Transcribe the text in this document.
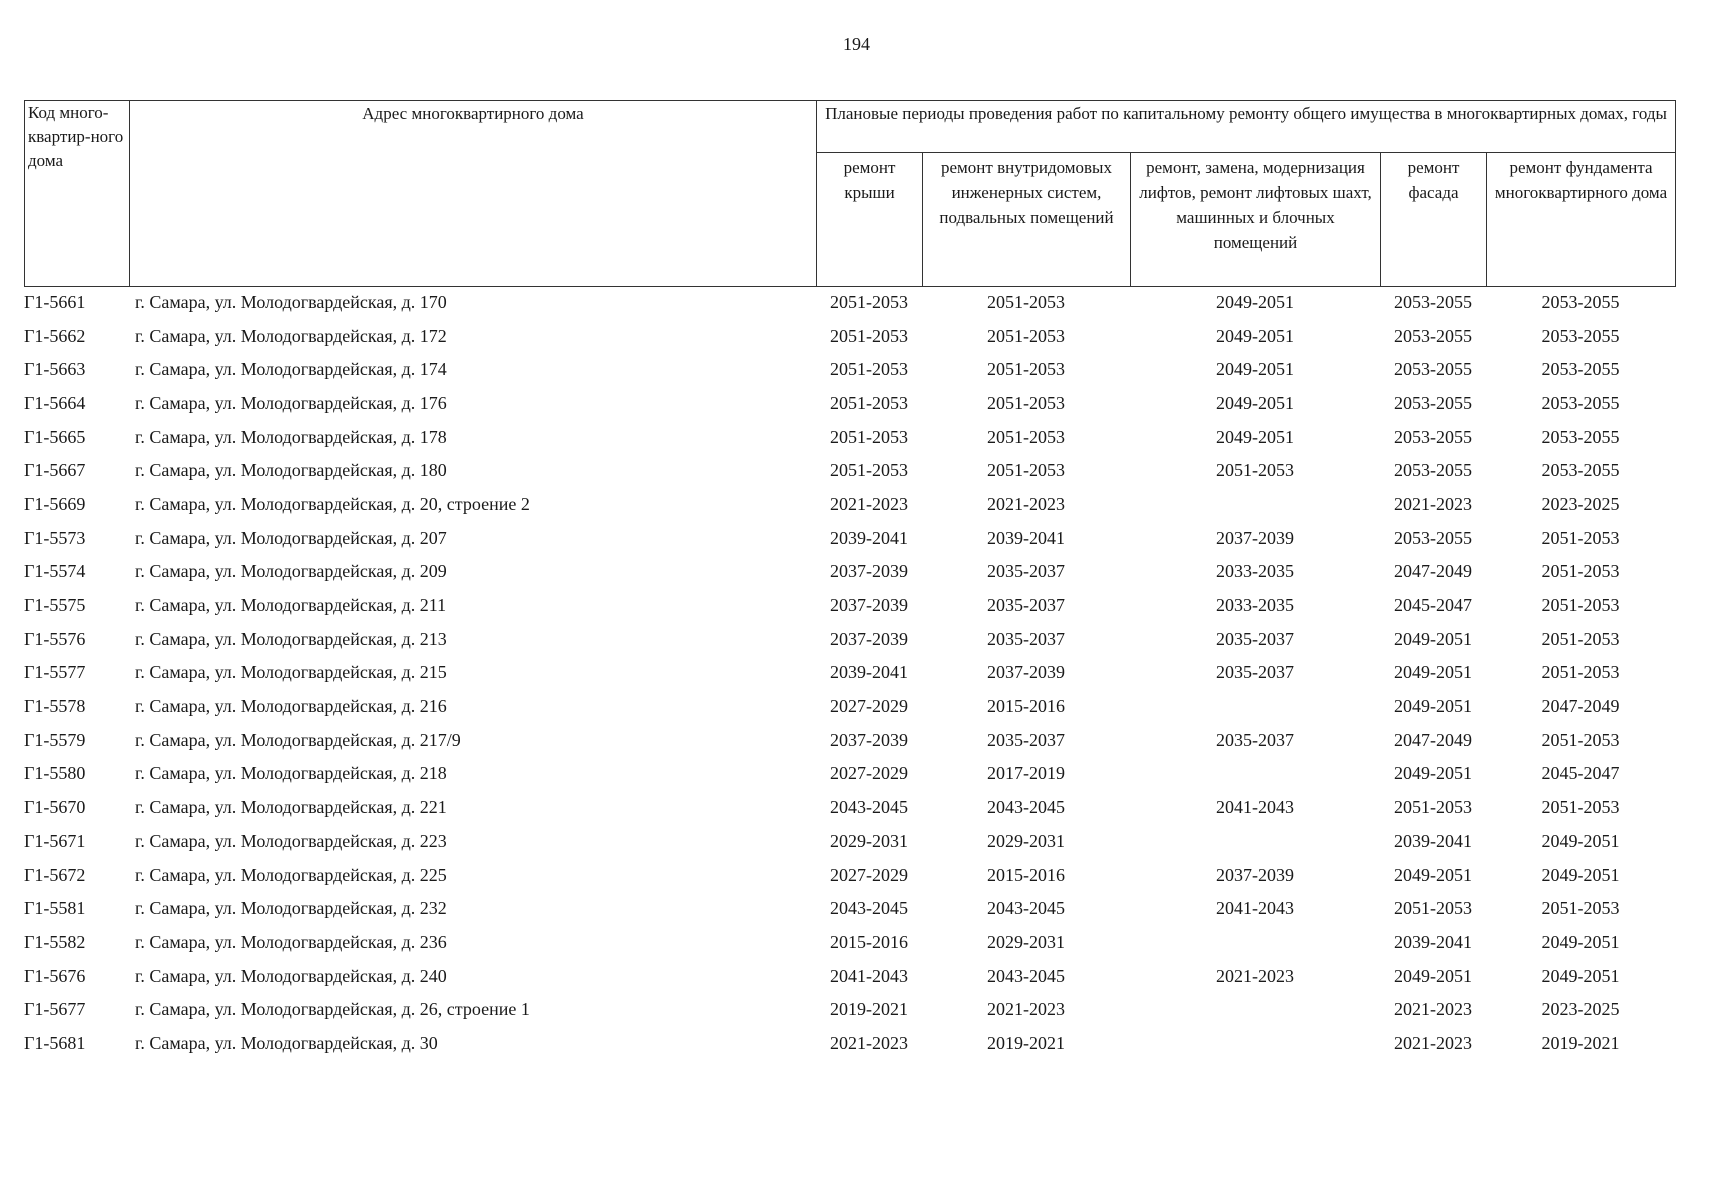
194
Код много-квартир-ного дома	Адрес многоквартирного дома	Плановые периоды проведения работ по капитальному ремонту общего имущества в многоквартирных домах, годы				
		ремонт крыши	ремонт внутридомовых инженерных систем, подвальных помещений	ремонт, замена, модернизация лифтов, ремонт лифтовых шахт, машинных и блочных помещений	ремонт фасада	ремонт фундамента многоквартирного дома
Г1-5661	г. Самара, ул. Молодогвардейская, д. 170	2051-2053	2051-2053	2049-2051	2053-2055	2053-2055
Г1-5662	г. Самара, ул. Молодогвардейская, д. 172	2051-2053	2051-2053	2049-2051	2053-2055	2053-2055
Г1-5663	г. Самара, ул. Молодогвардейская, д. 174	2051-2053	2051-2053	2049-2051	2053-2055	2053-2055
Г1-5664	г. Самара, ул. Молодогвардейская, д. 176	2051-2053	2051-2053	2049-2051	2053-2055	2053-2055
Г1-5665	г. Самара, ул. Молодогвардейская, д. 178	2051-2053	2051-2053	2049-2051	2053-2055	2053-2055
Г1-5667	г. Самара, ул. Молодогвардейская, д. 180	2051-2053	2051-2053	2051-2053	2053-2055	2053-2055
Г1-5669	г. Самара, ул. Молодогвардейская, д. 20, строение 2	2021-2023	2021-2023		2021-2023	2023-2025
Г1-5573	г. Самара, ул. Молодогвардейская, д. 207	2039-2041	2039-2041	2037-2039	2053-2055	2051-2053
Г1-5574	г. Самара, ул. Молодогвардейская, д. 209	2037-2039	2035-2037	2033-2035	2047-2049	2051-2053
Г1-5575	г. Самара, ул. Молодогвардейская, д. 211	2037-2039	2035-2037	2033-2035	2045-2047	2051-2053
Г1-5576	г. Самара, ул. Молодогвардейская, д. 213	2037-2039	2035-2037	2035-2037	2049-2051	2051-2053
Г1-5577	г. Самара, ул. Молодогвардейская, д. 215	2039-2041	2037-2039	2035-2037	2049-2051	2051-2053
Г1-5578	г. Самара, ул. Молодогвардейская, д. 216	2027-2029	2015-2016		2049-2051	2047-2049
Г1-5579	г. Самара, ул. Молодогвардейская, д. 217/9	2037-2039	2035-2037	2035-2037	2047-2049	2051-2053
Г1-5580	г. Самара, ул. Молодогвардейская, д. 218	2027-2029	2017-2019		2049-2051	2045-2047
Г1-5670	г. Самара, ул. Молодогвардейская, д. 221	2043-2045	2043-2045	2041-2043	2051-2053	2051-2053
Г1-5671	г. Самара, ул. Молодогвардейская, д. 223	2029-2031	2029-2031		2039-2041	2049-2051
Г1-5672	г. Самара, ул. Молодогвардейская, д. 225	2027-2029	2015-2016	2037-2039	2049-2051	2049-2051
Г1-5581	г. Самара, ул. Молодогвардейская, д. 232	2043-2045	2043-2045	2041-2043	2051-2053	2051-2053
Г1-5582	г. Самара, ул. Молодогвардейская, д. 236	2015-2016	2029-2031		2039-2041	2049-2051
Г1-5676	г. Самара, ул. Молодогвардейская, д. 240	2041-2043	2043-2045	2021-2023	2049-2051	2049-2051
Г1-5677	г. Самара, ул. Молодогвардейская, д. 26, строение 1	2019-2021	2021-2023		2021-2023	2023-2025
Г1-5681	г. Самара, ул. Молодогвардейская, д. 30	2021-2023	2019-2021		2021-2023	2019-2021
